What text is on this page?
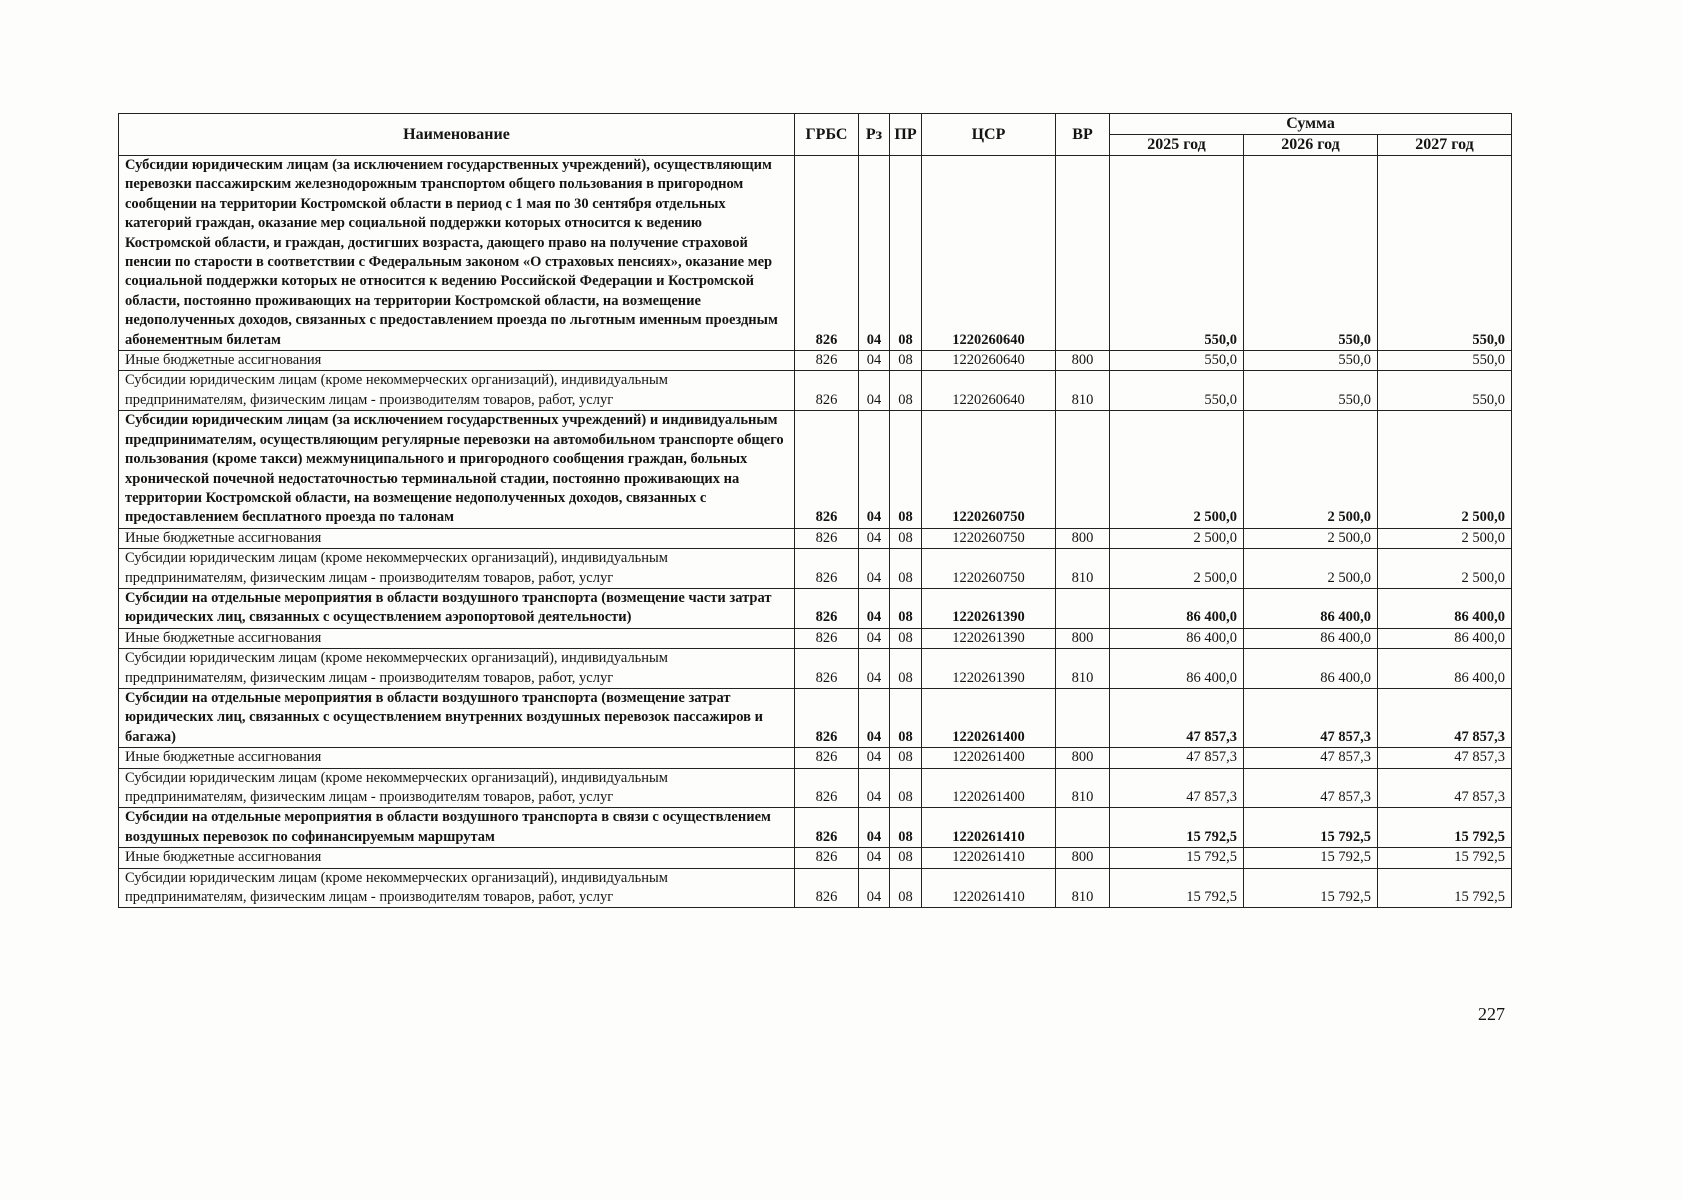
Наименование	ГРБС	Рз	ПР	ЦСР	ВР	Сумма		
						2025 год	2026 год	2027 год
Субсидии юридическим лицам (за исключением государственных учреждений), осуществляющим перевозки пассажирским железнодорожным транспортом общего пользования в пригородном сообщении на территории Костромской области в период с 1 мая по 30 сентября отдельных категорий граждан, оказание мер социальной поддержки которых относится к ведению Костромской области, и граждан, достигших возраста, дающего право на получение страховой пенсии по старости в соответствии с Федеральным законом «О страховых пенсиях», оказание мер социальной поддержки которых не относится к ведению Российской Федерации и Костромской области, постоянно проживающих на территории Костромской области, на возмещение недополученных доходов, связанных с предоставлением проезда по льготным именным проездным абонементным билетам	826	04	08	1220260640		550,0	550,0	550,0
Иные бюджетные ассигнования	826	04	08	1220260640	800	550,0	550,0	550,0
Субсидии юридическим лицам (кроме некоммерческих организаций), индивидуальным предпринимателям, физическим лицам - производителям товаров, работ, услуг	826	04	08	1220260640	810	550,0	550,0	550,0
Субсидии юридическим лицам (за исключением государственных учреждений) и индивидуальным предпринимателям, осуществляющим регулярные перевозки на автомобильном транспорте общего пользования (кроме такси) межмуниципального и пригородного сообщения граждан, больных хронической почечной недостаточностью терминальной стадии, постоянно проживающих на территории Костромской области, на возмещение недополученных доходов, связанных с предоставлением бесплатного проезда по талонам	826	04	08	1220260750		2 500,0	2 500,0	2 500,0
Иные бюджетные ассигнования	826	04	08	1220260750	800	2 500,0	2 500,0	2 500,0
Субсидии юридическим лицам (кроме некоммерческих организаций), индивидуальным предпринимателям, физическим лицам - производителям товаров, работ, услуг	826	04	08	1220260750	810	2 500,0	2 500,0	2 500,0
Субсидии на отдельные мероприятия в области воздушного транспорта (возмещение части затрат юридических лиц, связанных с осуществлением аэропортовой деятельности)	826	04	08	1220261390		86 400,0	86 400,0	86 400,0
Иные бюджетные ассигнования	826	04	08	1220261390	800	86 400,0	86 400,0	86 400,0
Субсидии юридическим лицам (кроме некоммерческих организаций), индивидуальным предпринимателям, физическим лицам - производителям товаров, работ, услуг	826	04	08	1220261390	810	86 400,0	86 400,0	86 400,0
Субсидии на отдельные мероприятия в области воздушного транспорта (возмещение затрат юридических лиц, связанных с осуществлением внутренних воздушных перевозок пассажиров и багажа)	826	04	08	1220261400		47 857,3	47 857,3	47 857,3
Иные бюджетные ассигнования	826	04	08	1220261400	800	47 857,3	47 857,3	47 857,3
Субсидии юридическим лицам (кроме некоммерческих организаций), индивидуальным предпринимателям, физическим лицам - производителям товаров, работ, услуг	826	04	08	1220261400	810	47 857,3	47 857,3	47 857,3
Субсидии на отдельные мероприятия в области воздушного транспорта в связи с осуществлением воздушных перевозок по софинансируемым маршрутам	826	04	08	1220261410		15 792,5	15 792,5	15 792,5
Иные бюджетные ассигнования	826	04	08	1220261410	800	15 792,5	15 792,5	15 792,5
Субсидии юридическим лицам (кроме некоммерческих организаций), индивидуальным предпринимателям, физическим лицам - производителям товаров, работ, услуг	826	04	08	1220261410	810	15 792,5	15 792,5	15 792,5
227
